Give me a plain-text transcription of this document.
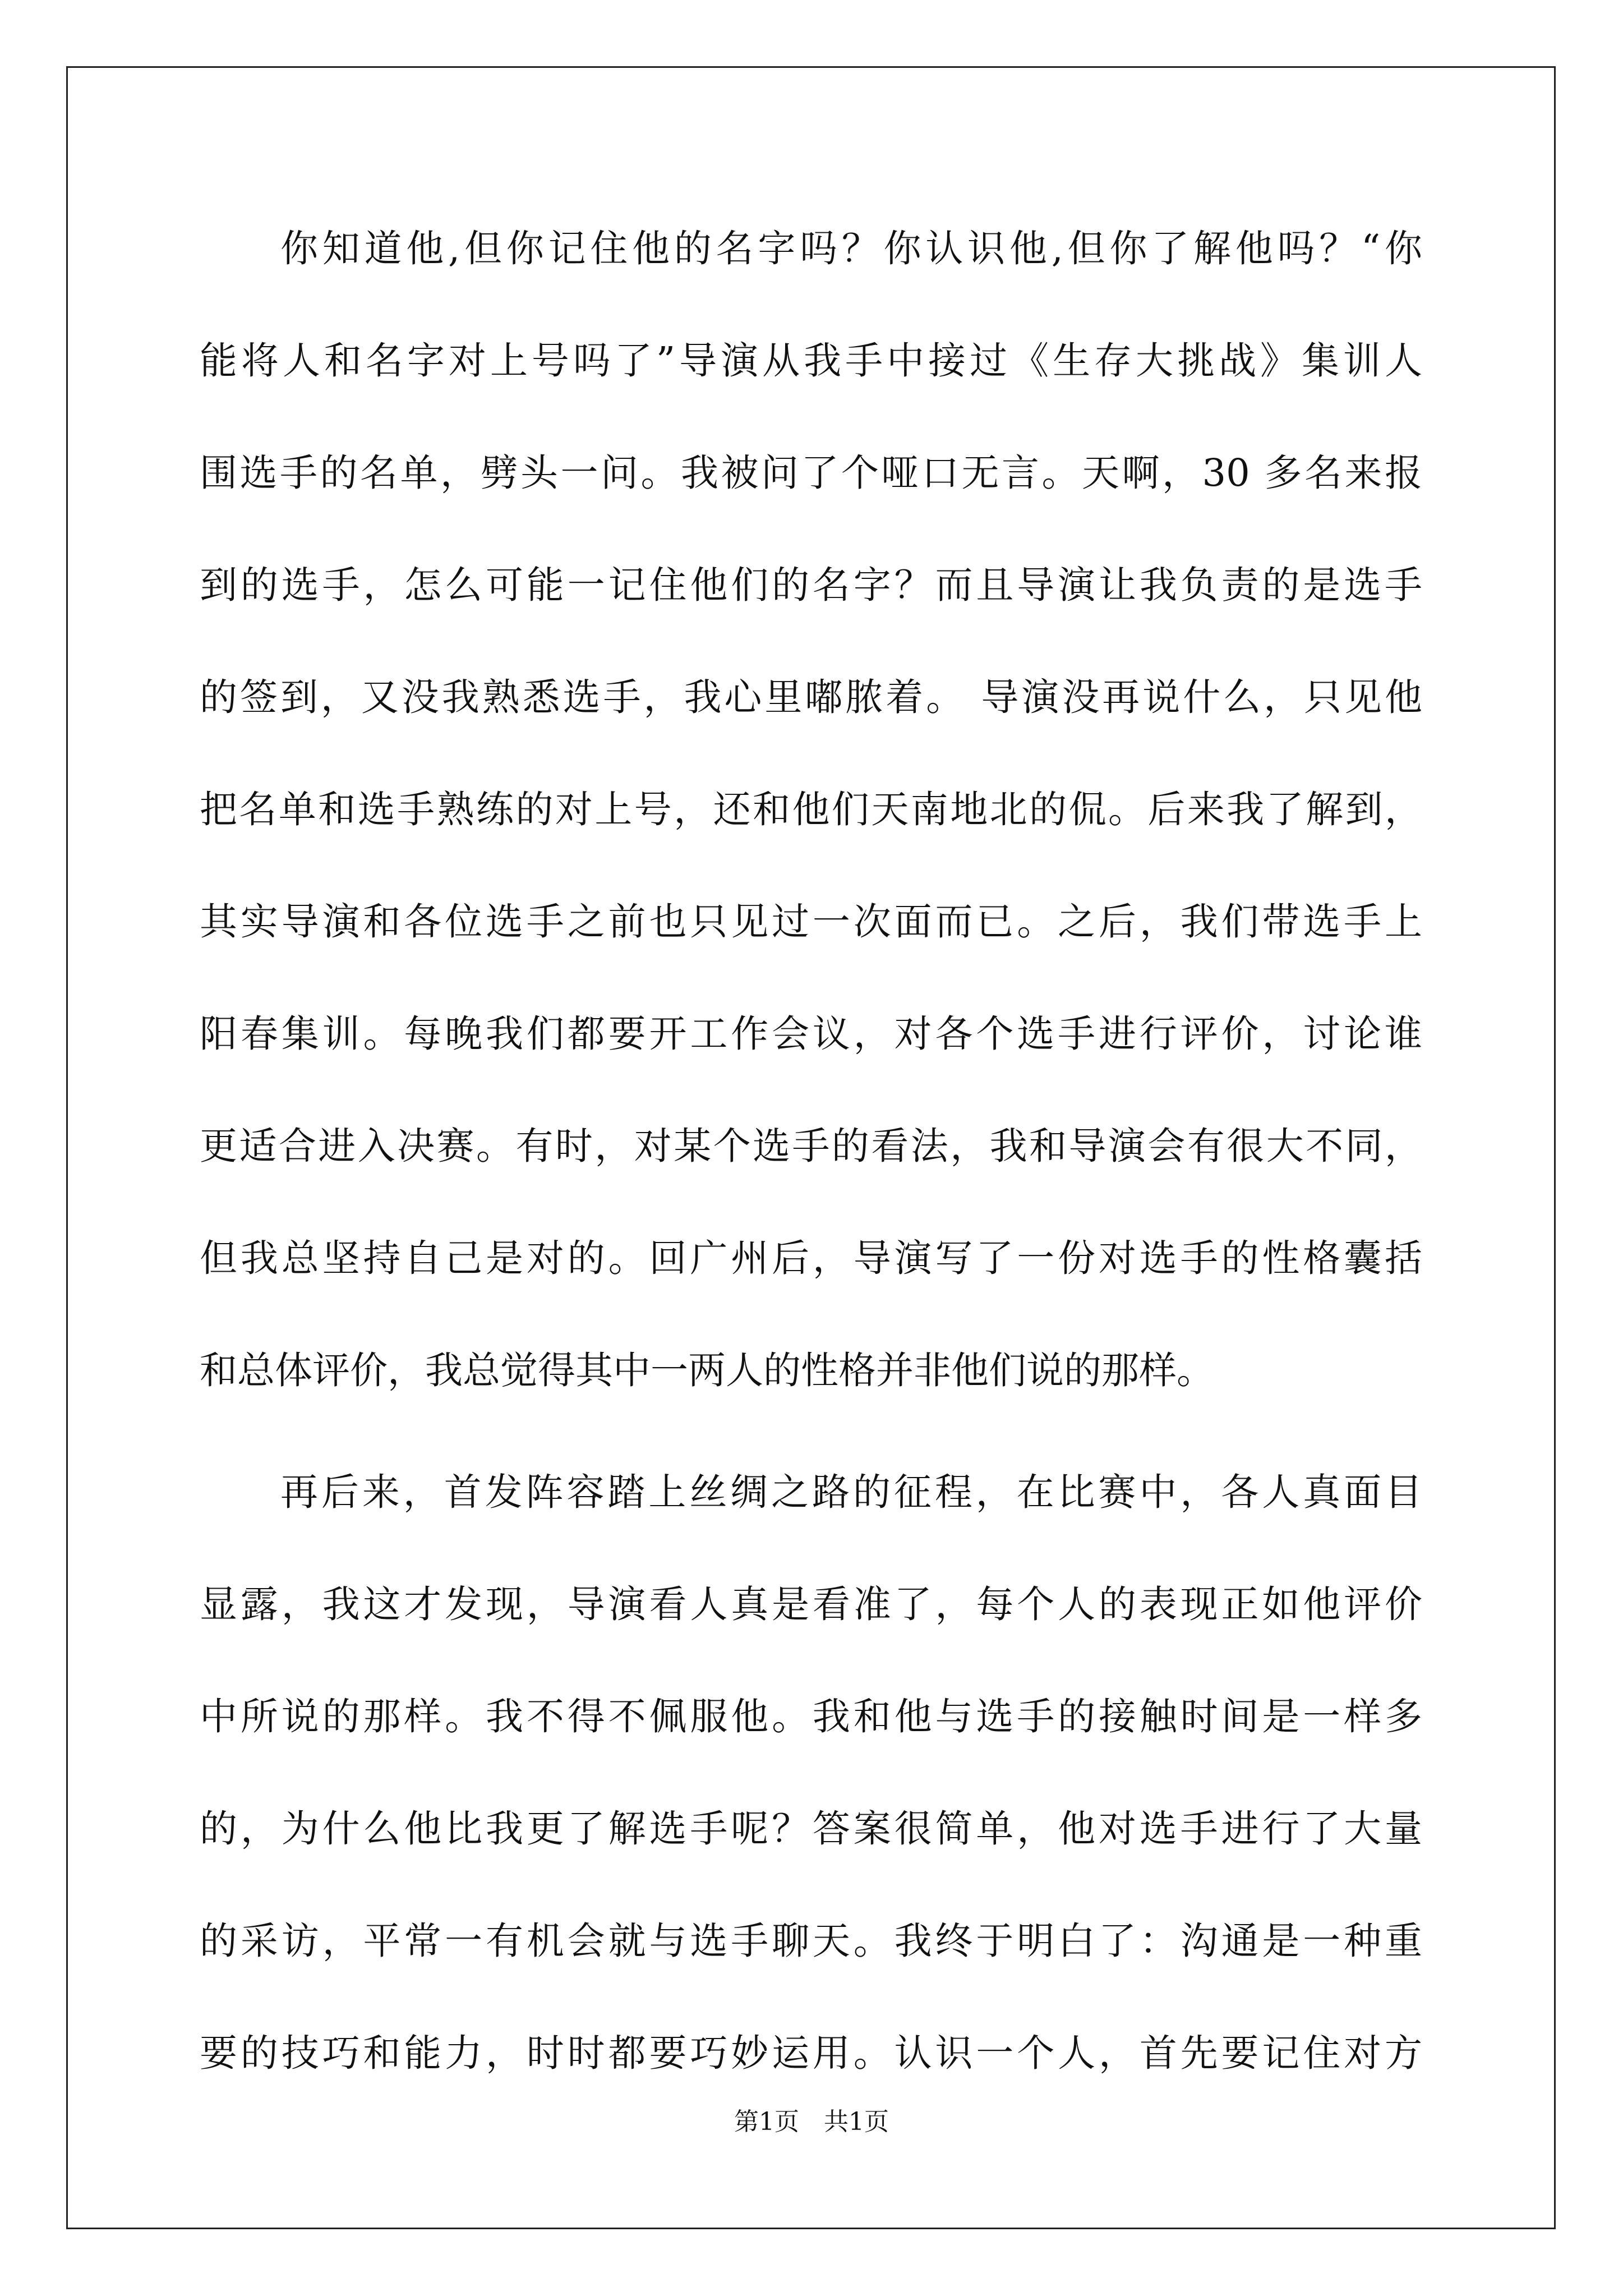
你知道他,但你记住他的名字吗？你认识他,但你了解他吗？“你
能将人和名字对上号吗了”导演从我手中接过《生存大挑战》集训人
围选手的名单，劈头一问。我被问了个哑口无言。天啊，30 多名来报
到的选手，怎么可能一记住他们的名字？而且导演让我负责的是选手
的签到，又没我熟悉选手，我心里嘟脓着。 导演没再说什么，只见他
把名单和选手熟练的对上号，还和他们天南地北的侃。后来我了解到，
其实导演和各位选手之前也只见过一次面而已。之后，我们带选手上
阳春集训。每晚我们都要开工作会议，对各个选手进行评价，讨论谁
更适合进入决赛。有时，对某个选手的看法，我和导演会有很大不同，
但我总坚持自己是对的。回广州后，导演写了一份对选手的性格囊括
和总体评价，我总觉得其中一两人的性格并非他们说的那样。
再后来，首发阵容踏上丝绸之路的征程，在比赛中，各人真面目
显露，我这才发现，导演看人真是看准了，每个人的表现正如他评价
中所说的那样。我不得不佩服他。我和他与选手的接触时间是一样多
的，为什么他比我更了解选手呢？答案很简单，他对选手进行了大量
的采访，平常一有机会就与选手聊天。我终于明白了：沟通是一种重
要的技巧和能力，时时都要巧妙运用。认识一个人，首先要记住对方
第1页　共1页
